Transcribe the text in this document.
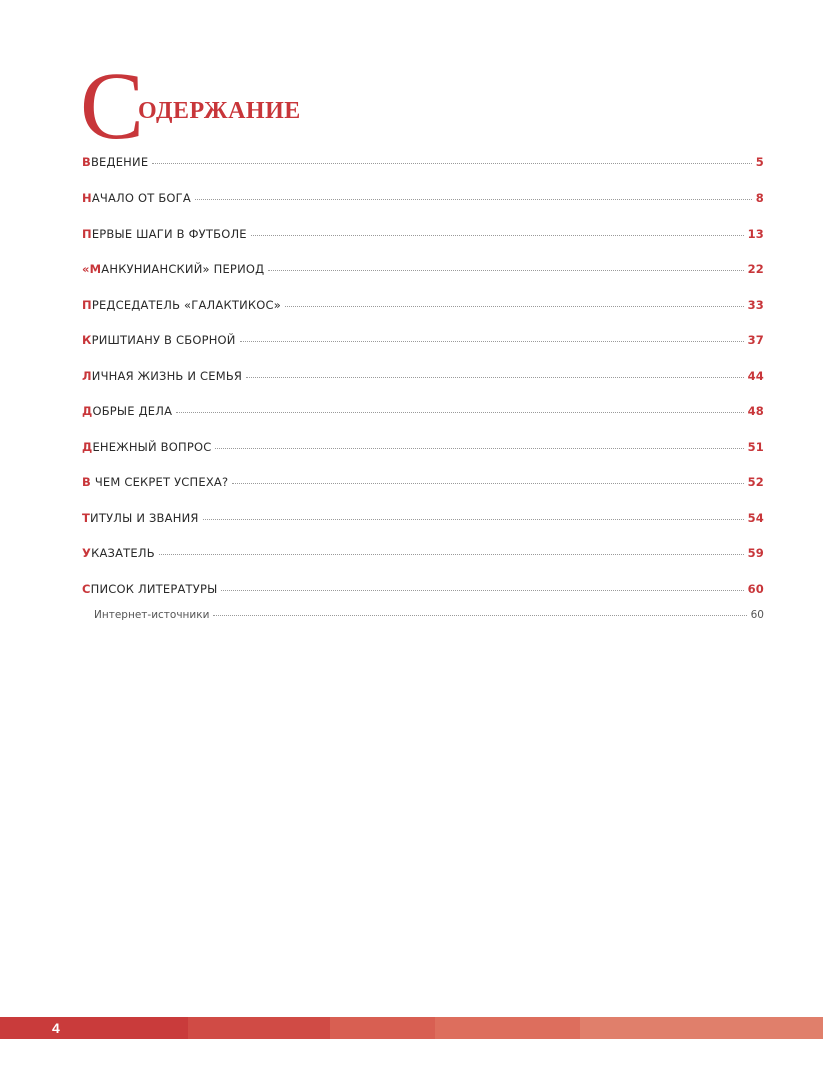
С
ОДЕРЖАНИЕ
ВВЕДЕНИЕ	5
НАЧАЛО ОТ БОГА	8
ПЕРВЫЕ ШАГИ В ФУТБОЛЕ	13
«МАНКУНИАНСКИЙ» ПЕРИОД	22
ПРЕДСЕДАТЕЛЬ «ГАЛАКТИКОС»	33
КРИШТИАНУ В СБОРНОЙ	37
ЛИЧНАЯ ЖИЗНЬ И СЕМЬЯ	44
ДОБРЫЕ ДЕЛА	48
ДЕНЕЖНЫЙ ВОПРОС	51
В ЧЕМ СЕКРЕТ УСПЕХА?	52
ТИТУЛЫ И ЗВАНИЯ	54
УКАЗАТЕЛЬ	59
СПИСОК ЛИТЕРАТУРЫ	60
Интернет-источники	60
4
